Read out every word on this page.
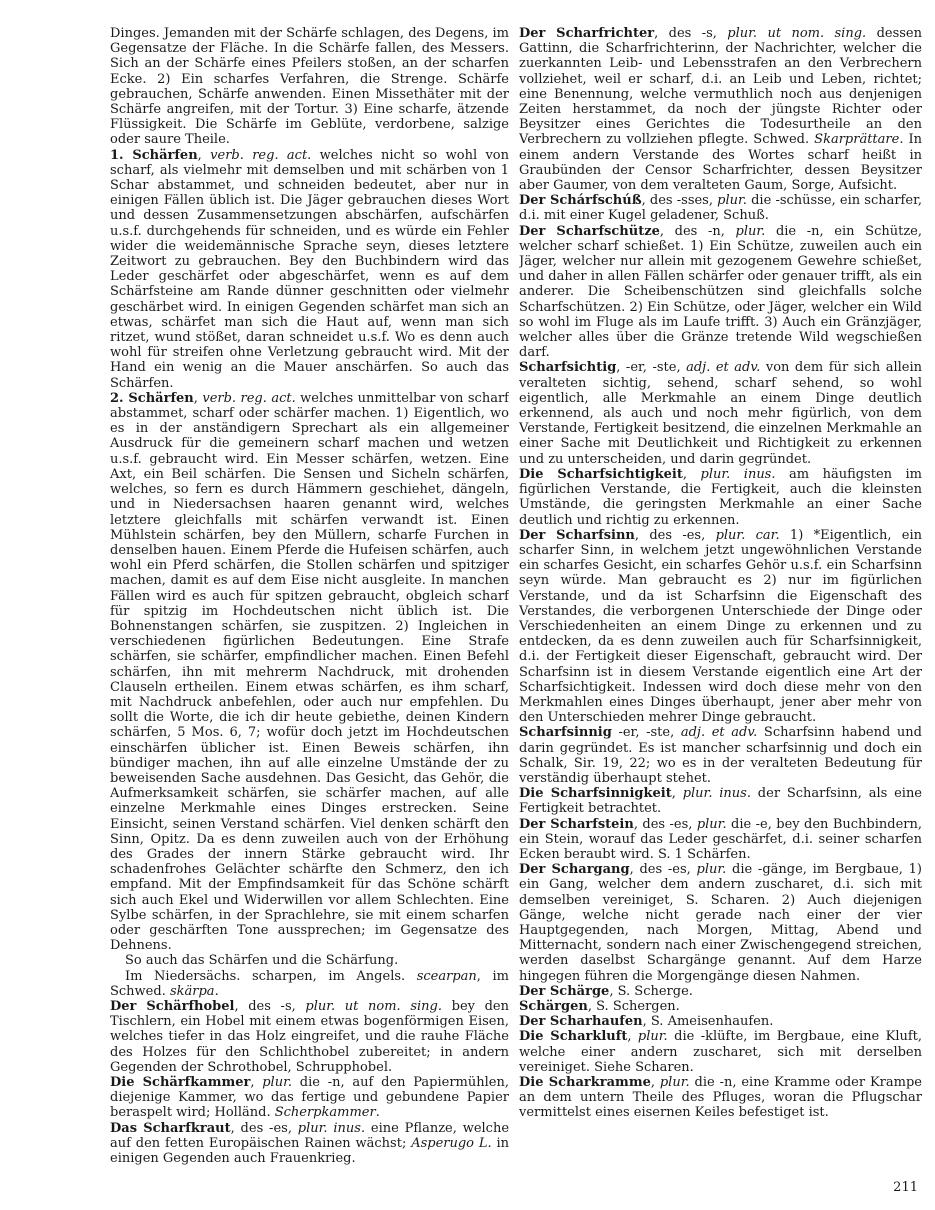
Dinges. Jemanden mit der Schärfe schlagen, des Degens, im Gegensatze der Fläche. In die Schärfe fallen, des Messers. Sich an der Schärfe eines Pfeilers stoßen, an der scharfen Ecke. 2) Ein scharfes Verfahren, die Strenge. Schärfe gebrauchen, Schärfe anwenden. Einen Missethäter mit der Schärfe angreifen, mit der Tortur. 3) Eine scharfe, ätzende Flüssigkeit. Die Schärfe im Geblüte, verdorbene, salzige oder saure Theile.

1. Schärfen, verb. reg. act. welches nicht so wohl von scharf, als vielmehr mit demselben und mit schärben von 1 Schar abstammet, und schneiden bedeutet, aber nur in einigen Fällen üblich ist. Die Jäger gebrauchen dieses Wort und dessen Zusammensetzungen abschärfen, aufschärfen u.s.f. durchgehends für schneiden, und es würde ein Fehler wider die weidemännische Sprache seyn, dieses letztere Zeitwort zu gebrauchen. Bey den Buchbindern wird das Leder geschärfet oder abgeschärfet, wenn es auf dem Schärfsteine am Rande dünner geschnitten oder vielmehr geschärbet wird. In einigen Gegenden schärfet man sich an etwas, schärfet man sich die Haut auf, wenn man sich ritzet, wund stößet, daran schneidet u.s.f. Wo es denn auch wohl für streifen ohne Verletzung gebraucht wird. Mit der Hand ein wenig an die Mauer anschärfen. So auch das Schärfen.

2. Schärfen, verb. reg. act. welches unmittelbar von scharf abstammet, scharf oder schärfer machen. 1) Eigentlich, wo es in der anständigern Sprechart als ein allgemeiner Ausdruck für die gemeinern scharf machen und wetzen u.s.f. gebraucht wird. Ein Messer schärfen, wetzen. Eine Axt, ein Beil schärfen. Die Sensen und Sicheln schärfen, welches, so fern es durch Hämmern geschiehet, dängeln, und in Niedersachsen haaren genannt wird, welches letztere gleichfalls mit schärfen verwandt ist. Einen Mühlstein schärfen, bey den Müllern, scharfe Furchen in denselben hauen. Einem Pferde die Hufeisen schärfen, auch wohl ein Pferd schärfen, die Stollen schärfen und spitziger machen, damit es auf dem Eise nicht ausgleite. In manchen Fällen wird es auch für spitzen gebraucht, obgleich scharf für spitzig im Hochdeutschen nicht üblich ist. Die Bohnenstangen schärfen, sie zuspitzen. 2) Ingleichen in verschiedenen figürlichen Bedeutungen. Eine Strafe schärfen, sie schärfer, empfindlicher machen. Einen Befehl schärfen, ihn mit mehrerm Nachdruck, mit drohenden Clauseln ertheilen. Einem etwas schärfen, es ihm scharf, mit Nachdruck anbefehlen, oder auch nur empfehlen. Du sollt die Worte, die ich dir heute gebiethe, deinen Kindern schärfen, 5 Mos. 6, 7; wofür doch jetzt im Hochdeutschen einschärfen üblicher ist. Einen Beweis schärfen, ihn bündiger machen, ihn auf alle einzelne Umstände der zu beweisenden Sache ausdehnen. Das Gesicht, das Gehör, die Aufmerksamkeit schärfen, sie schärfer machen, auf alle einzelne Merkmahle eines Dinges erstrecken. Seine Einsicht, seinen Verstand schärfen. Viel denken schärft den Sinn, Opitz. Da es denn zuweilen auch von der Erhöhung des Grades der innern Stärke gebraucht wird. Ihr schadenfrohes Gelächter schärfte den Schmerz, den ich empfand. Mit der Empfindsamkeit für das Schöne schärft sich auch Ekel und Widerwillen vor allem Schlechten. Eine Sylbe schärfen, in der Sprachlehre, sie mit einem scharfen oder geschärften Tone aussprechen; im Gegensatze des Dehnens.

So auch das Schärfen und die Schärfung.

Im Niedersächs. scharpen, im Angels. scearpan, im Schwed. skärpa.

Der Schärfhobel, des -s, plur. ut nom. sing. bey den Tischlern, ein Hobel mit einem etwas bogenförmigen Eisen, welches tiefer in das Holz eingreifet, und die rauhe Fläche des Holzes für den Schlichthobel zubereitet; in andern Gegenden der Schrothobel, Schrupphobel.

Die Schärfkammer, plur. die -n, auf den Papiermühlen, diejenige Kammer, wo das fertige und gebundene Papier beraspelt wird; Holländ. Scherpkammer.

Das Scharfkraut, des -es, plur. inus. eine Pflanze, welche auf den fetten Europäischen Rainen wächst; Asperugo L. in einigen Gegenden auch Frauenkrieg.

Der Scharfrichter, des -s, plur. ut nom. sing. dessen Gattinn, die Scharfrichterinn, der Nachrichter, welcher die zuerkannten Leib- und Lebensstrafen an den Verbrechern vollziehet, weil er scharf, d.i. an Leib und Leben, richtet; eine Benennung, welche vermuthlich noch aus denjenigen Zeiten herstammet, da noch der jüngste Richter oder Beysitzer eines Gerichtes die Todesurtheile an den Verbrechern zu vollziehen pflegte. Schwed. Skarprättare. In einem andern Verstande des Wortes scharf heißt in Graubünden der Censor Scharfrichter, dessen Beysitzer aber Gaumer, von dem veralteten Gaum, Sorge, Aufsicht.

Der Schárfschúß, des -sses, plur. die -schüsse, ein scharfer, d.i. mit einer Kugel geladener, Schuß.

Der Scharfschütze, des -n, plur. die -n, ein Schütze, welcher scharf schießet. 1) Ein Schütze, zuweilen auch ein Jäger, welcher nur allein mit gezogenem Gewehre schießet, und daher in allen Fällen schärfer oder genauer trifft, als ein anderer. Die Scheibenschützen sind gleichfalls solche Scharfschützen. 2) Ein Schütze, oder Jäger, welcher ein Wild so wohl im Fluge als im Laufe trifft. 3) Auch ein Gränzjäger, welcher alles über die Gränze tretende Wild wegschießen darf.

Scharfsichtig, -er, -ste, adj. et adv. von dem für sich allein veralteten sichtig, sehend, scharf sehend, so wohl eigentlich, alle Merkmahle an einem Dinge deutlich erkennend, als auch und noch mehr figürlich, von dem Verstande, Fertigkeit besitzend, die einzelnen Merkmahle an einer Sache mit Deutlichkeit und Richtigkeit zu erkennen und zu unterscheiden, und darin gegründet.

Die Scharfsichtigkeit, plur. inus. am häufigsten im figürlichen Verstande, die Fertigkeit, auch die kleinsten Umstände, die geringsten Merkmahle an einer Sache deutlich und richtig zu erkennen.

Der Scharfsinn, des -es, plur. car. 1) *Eigentlich, ein scharfer Sinn, in welchem jetzt ungewöhnlichen Verstande ein scharfes Gesicht, ein scharfes Gehör u.s.f. ein Scharfsinn seyn würde. Man gebraucht es 2) nur im figürlichen Verstande, und da ist Scharfsinn die Eigenschaft des Verstandes, die verborgenen Unterschiede der Dinge oder Verschiedenheiten an einem Dinge zu erkennen und zu entdecken, da es denn zuweilen auch für Scharfsinnigkeit, d.i. der Fertigkeit dieser Eigenschaft, gebraucht wird. Der Scharfsinn ist in diesem Verstande eigentlich eine Art der Scharfsichtigkeit. Indessen wird doch diese mehr von den Merkmahlen eines Dinges überhaupt, jener aber mehr von den Unterschieden mehrer Dinge gebraucht.

Scharfsinnig -er, -ste, adj. et adv. Scharfsinn habend und darin gegründet. Es ist mancher scharfsinnig und doch ein Schalk, Sir. 19, 22; wo es in der veralteten Bedeutung für verständig überhaupt stehet.

Die Scharfsinnigkeit, plur. inus. der Scharfsinn, als eine Fertigkeit betrachtet.

Der Scharfstein, des -es, plur. die -e, bey den Buchbindern, ein Stein, worauf das Leder geschärfet, d.i. seiner scharfen Ecken beraubt wird. S. 1 Schärfen.

Der Schargang, des -es, plur. die -gänge, im Bergbaue, 1) ein Gang, welcher dem andern zuscharet, d.i. sich mit demselben vereiniget, S. Scharen. 2) Auch diejenigen Gänge, welche nicht gerade nach einer der vier Hauptgegenden, nach Morgen, Mittag, Abend und Mitternacht, sondern nach einer Zwischengegend streichen, werden daselbst Schargänge genannt. Auf dem Harze hingegen führen die Morgengänge diesen Nahmen.

Der Schärge, S. Scherge.

Schärgen, S. Schergen.

Der Scharhaufen, S. Ameisenhaufen.

Die Scharkluft, plur. die -klüfte, im Bergbaue, eine Kluft, welche einer andern zuscharet, sich mit derselben vereiniget. Siehe Scharen.

Die Scharkramme, plur. die -n, eine Kramme oder Krampe an dem untern Theile des Pfluges, woran die Pflugschar vermittelst eines eisernen Keiles befestiget ist.

211
